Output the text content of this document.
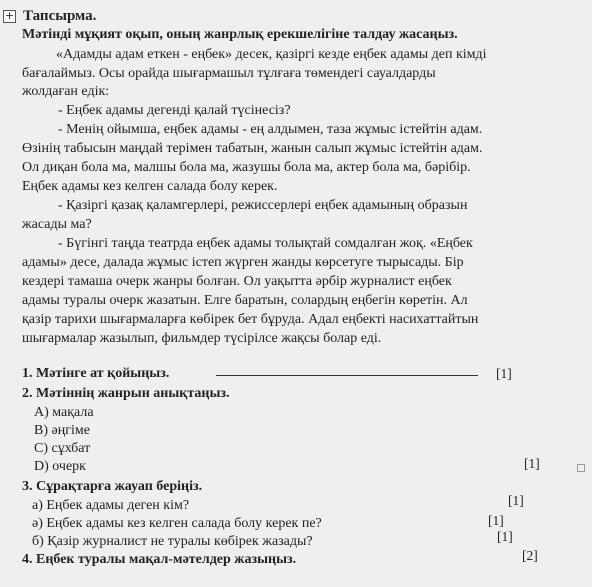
+ Тапсырма.
Мәтінді мұқият оқып, оның жанрлық ерекшелігіне талдау жасаңыз.
«Адамды адам еткен - еңбек» десек, қазіргі кезде еңбек адамы деп кімді
бағалаймыз. Осы орайда шығармашыл тұлғаға төмендегі сауалдарды
жолдаған едік:
- Еңбек адамы дегенді қалай түсінесіз?
- Менің ойымша, еңбек адамы - ең алдымен, таза жұмыс істейтін адам.
Өзінің табысын маңдай терімен табатын, жанын салып жұмыс істейтін адам.
Ол диқан бола ма, малшы бола ма, жазушы бола ма, актер бола ма, бәрібір.
Еңбек адамы кез келген салада болу керек.
- Қазіргі қазақ қаламгерлері, режиссерлері еңбек адамының образын
жасады ма?
- Бүгінгі таңда театрда еңбек адамы толықтай сомдалған жоқ. «Еңбек
адамы» десе, далада жұмыс істеп жүрген жанды көрсетуге тырысады. Бір
кездері тамаша очерк жанры болған. Ол уақытта әрбір журналист еңбек
адамы туралы очерк жазатын. Елге баратын, солардың еңбегін көретін. Ал
қазір тарихи шығармаларға көбірек бет бұруда. Адал еңбекті насихаттайтын
шығармалар жазылып, фильмдер түсірілсе жақсы болар еді.
1. Мәтінге ат қойыңыз.	[1]
2. Мәтіннің жанрын анықтаңыз.
A) мақала
B) әңгіме
C) сұхбат
D) очерк	[1]
3. Сұрақтарға жауап беріңіз.
а) Еңбек адамы деген кім?	[1]
ә) Еңбек адамы кез келген салада болу керек пе?	[1]
б) Қазір журналист не туралы көбірек жазады?	[1]
4. Еңбек туралы мақал-мәтелдер жазыңыз.	[2]
